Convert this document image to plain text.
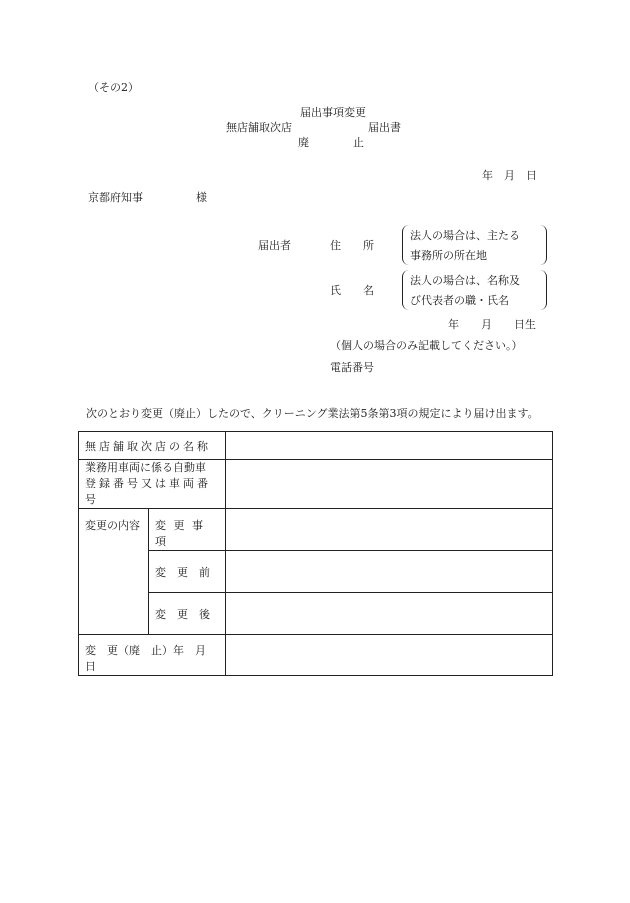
（その2）
届出事項変更
無店舗取次店	届出書
廃　　　　止
年　月　日
京都府知事	様
届出者	住　　所
法人の場合は、主たる
事務所の所在地
氏　　名
法人の場合は、名称及
び代表者の職・氏名
年　　月　　日生
（個人の場合のみ記載してください。）
電話番号
次のとおり変更（廃止）したので、クリーニング業法第5条第3項の規定により届け出ます。
無店舗取次店の名称		

業務用車両に係る自動車
登録番号又は車両番号		

変更の内容	変 更 事 項	
	変　更　前	
	変　更　後	
変　更（廃　止）年　月　日		
